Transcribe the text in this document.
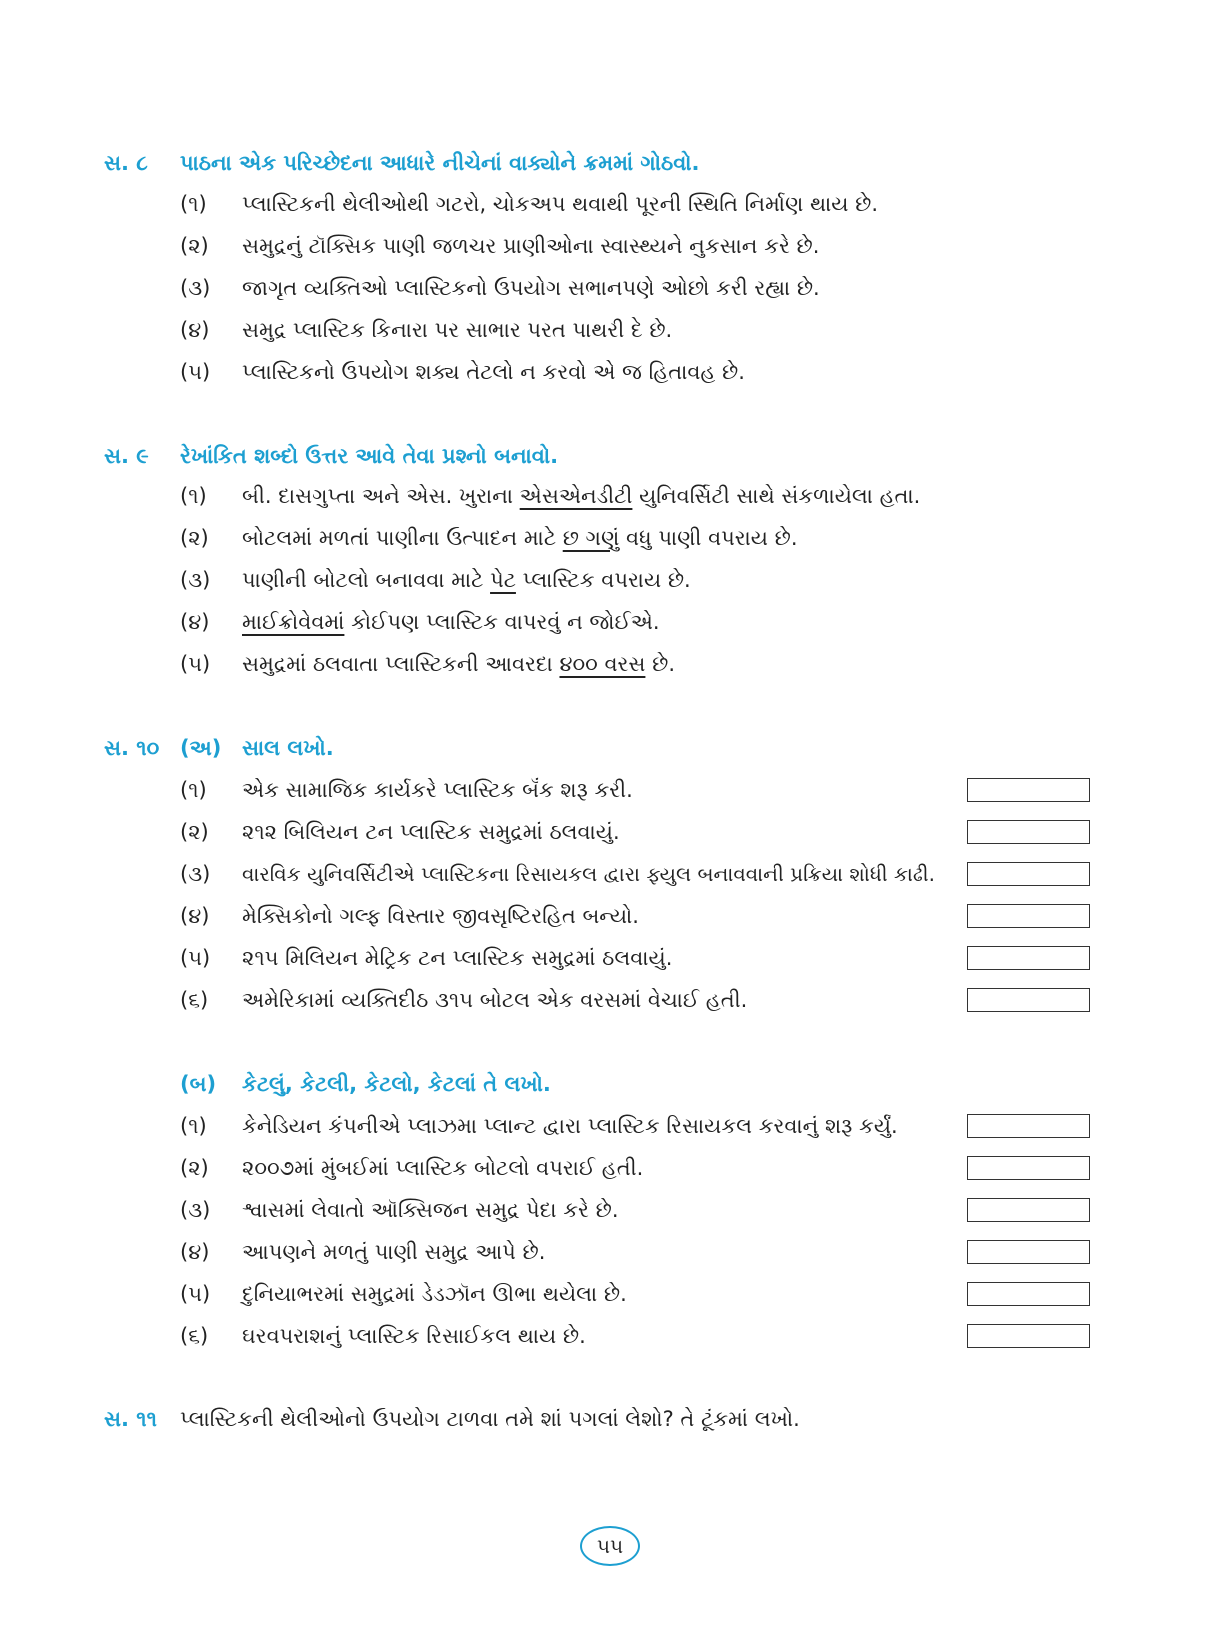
સ. ૮ પાઠના એક પરિચ્છેદના આધારે નીચેનાં વાક્યોને ક્રમમાં ગોઠવો.
(૧) પ્લાસ્ટિકની થેલીઓથી ગટરો, ચોકઅપ થવાથી પૂરની સ્થિતિ નિર્માણ થાય છે.
(૨) સમુદ્રનું ટૉક્સિક પાણી જળચર પ્રાણીઓના સ્વાસ્થ્યને નુકસાન કરે છે.
(૩) જાગૃત વ્યક્તિઓ પ્લાસ્ટિકનો ઉપયોગ સભાનપણે ઓછો કરી રહ્યા છે.
(૪) સમુદ્ર પ્લાસ્ટિક કિનારા પર સાભાર પરત પાથરી દે છે.
(૫) પ્લાસ્ટિકનો ઉપયોગ શક્ય તેટલો ન કરવો એ જ હિતાવહ છે.
સ. ૯ રેખાંકિત શબ્દો ઉત્તર આવે તેવા પ્રશ્નો બનાવો.
(૧) બી. દાસગુપ્તા અને એસ. ખુરાના એસએનડીટી યુનિવર્સિટી સાથે સંકળાયેલા હતા.
(૨) બોટલમાં મળતાં પાણીના ઉત્પાદન માટે છ ગણું વધુ પાણી વપરાય છે.
(૩) પાણીની બોટલો બનાવવા માટે પેટ પ્લાસ્ટિક વપરાય છે.
(૪) માઈક્રોવેવમાં કોઈપણ પ્લાસ્ટિક વાપરવું ન જોઈએ.
(૫) સમુદ્રમાં ઠલવાતા પ્લાસ્ટિકની આવરદા ૪૦૦ વરસ છે.
સ. ૧૦ (અ) સાલ લખો.
(૧) એક સામાજિક કાર્યકરે પ્લાસ્ટિક બૅંક શરૂ કરી.
(૨) ૨૧૨ બિલિયન ટન પ્લાસ્ટિક સમુદ્રમાં ઠલવાયું.
(૩) વારવિક યુનિવર્સિટીએ પ્લાસ્ટિકના રિસાયકલ દ્વારા ફ્યુલ બનાવવાની પ્રક્રિયા શોધી કાઢી.
(૪) મેક્સિકોનો ગલ્ફ વિસ્તાર જીવસૃષ્ટિરહિત બન્યો.
(૫) ૨૧૫ મિલિયન મેટ્રિક ટન પ્લાસ્ટિક સમુદ્રમાં ઠલવાયું.
(૬) અમેરિકામાં વ્યક્તિદીઠ ૩૧૫ બોટલ એક વરસમાં વેચાઈ હતી.
(બ) કેટલું, કેટલી, કેટલો, કેટલાં તે લખો.
(૧) કેનેડિયન કંપનીએ પ્લાઝમા પ્લાન્ટ દ્વારા પ્લાસ્ટિક રિસાયકલ કરવાનું શરૂ કર્યું.
(૨) ૨૦૦૭માં મુંબઈમાં પ્લાસ્ટિક બોટલો વપરાઈ હતી.
(૩) શ્વાસમાં લેવાતો ઑક્સિજન સમુદ્ર પેદા કરે છે.
(૪) આપણને મળતું પાણી સમુદ્ર આપે છે.
(૫) દુનિયાભરમાં સમુદ્રમાં ડેડઝૉન ઊભા થયેલા છે.
(૬) ઘરવપરાશનું પ્લાસ્ટિક રિસાઈકલ થાય છે.
સ. ૧૧ પ્લાસ્ટિકની થેલીઓનો ઉપયોગ ટાળવા તમે શાં પગલાં લેશો? તે ટૂંકમાં લખો.
૫૫
